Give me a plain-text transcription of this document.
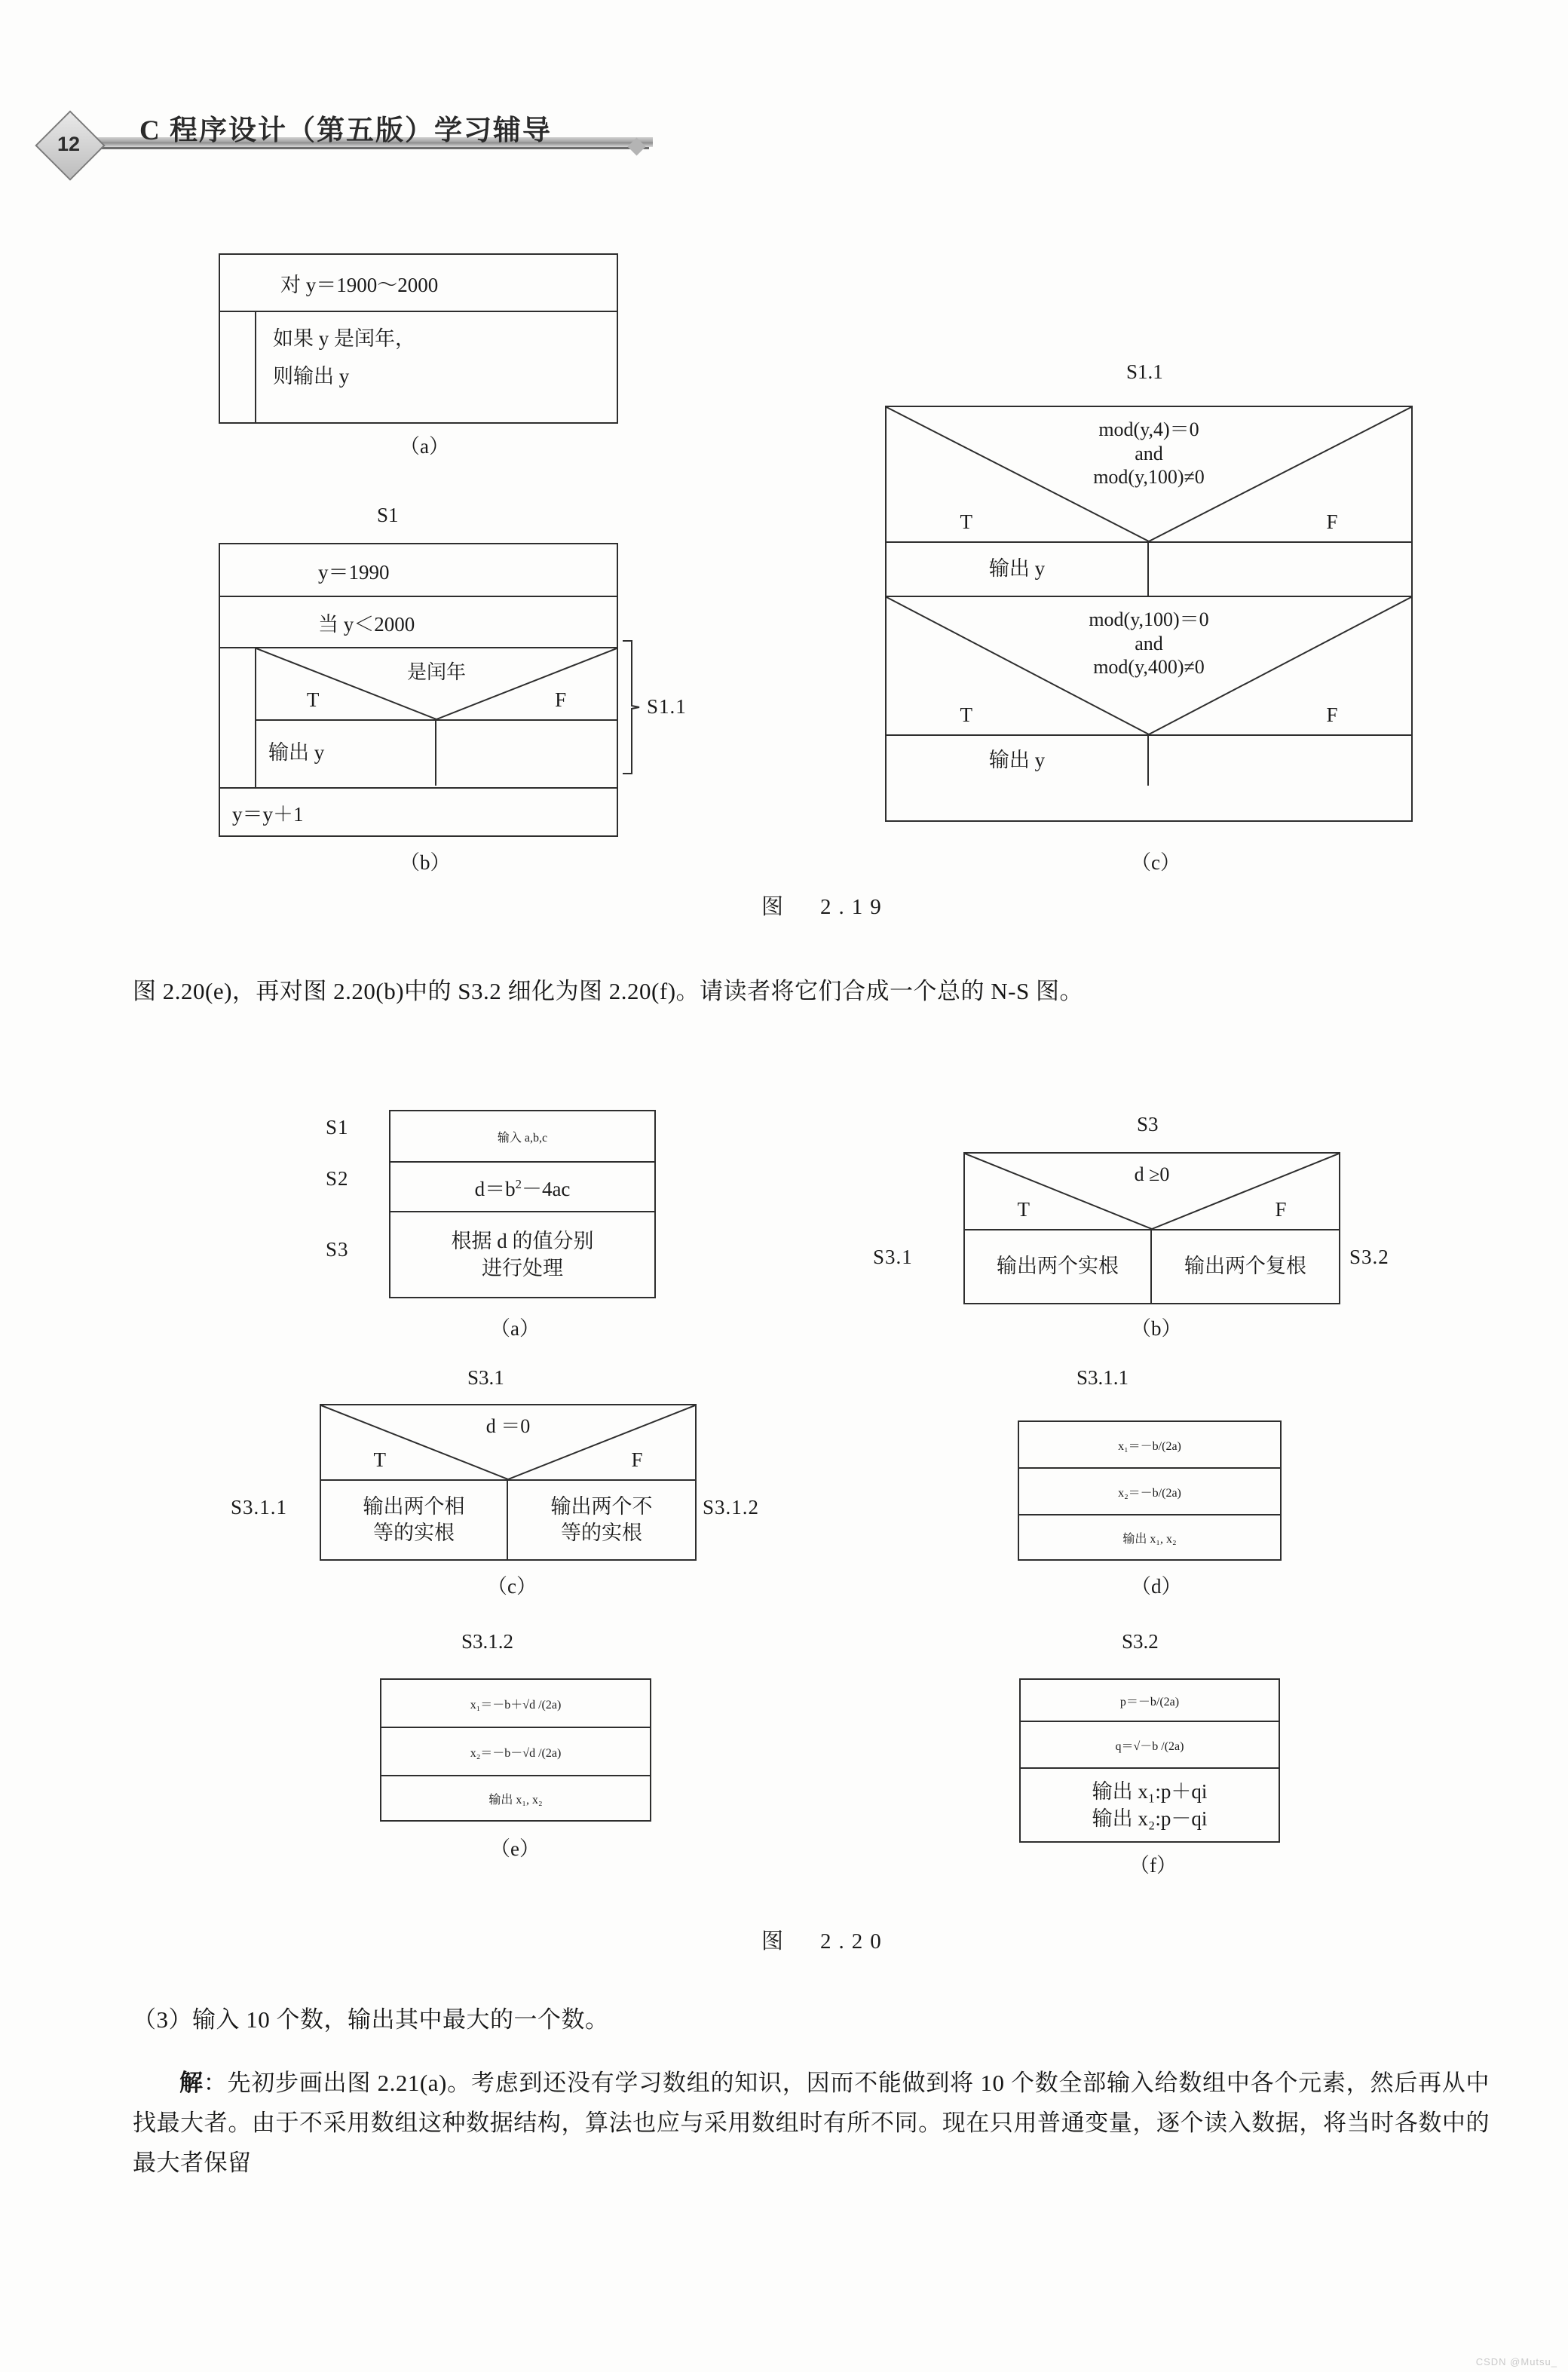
12	C 程序设计（第五版）学习辅导
对 y＝1900～2000
如果 y 是闰年，
则输出 y
（a）
S1
y＝1990
当 y＜2000
是闰年
T	F
输出 y
y＝y＋1
S1.1
（b）
S1.1
mod(y,4)＝0
and
mod(y,100)≠0
T	F
输出 y
mod(y,100)＝0
and
mod(y,400)≠0
T	F
输出 y
（c）
图　2.19
图 2.20(e)，再对图 2.20(b)中的 S3.2 细化为图 2.20(f)。请读者将它们合成一个总的 N-S 图。
S1
S2
S3
输入 a,b,c
$d=b^2-4ac$
根据 d 的值分别
进行处理
（a）
S3
d ≥0
T	F
输出两个实根	输出两个复根
S3.1	S3.2
（b）
S3.1
d ＝0
T	F
输出两个相
等的实根
输出两个不
等的实根
S3.1.1	S3.1.2
（c）
S3.1.1
x₁＝－b/(2a)
x₂＝－b/(2a)
输出 x₁, x₂
（d）
S3.1.2
x₁＝－b＋√d /(2a)
x₂＝－b－√d /(2a)
输出 x₁, x₂
（e）
S3.2
p＝－b/(2a)
q＝√－b /(2a)
输出 x₁:p＋qi
输出 x₂:p－qi
（f）
图　2.20
（3）输入 10 个数，输出其中最大的一个数。
解：先初步画出图 2.21(a)。考虑到还没有学习数组的知识，因而不能做到将 10 个数全部输入给数组中各个元素，然后再从中找最大者。由于不采用数组这种数据结构，算法也应与采用数组时有所不同。现在只用普通变量，逐个读入数据，将当时各数中的最大者保留
CSDN @Mutsu_
